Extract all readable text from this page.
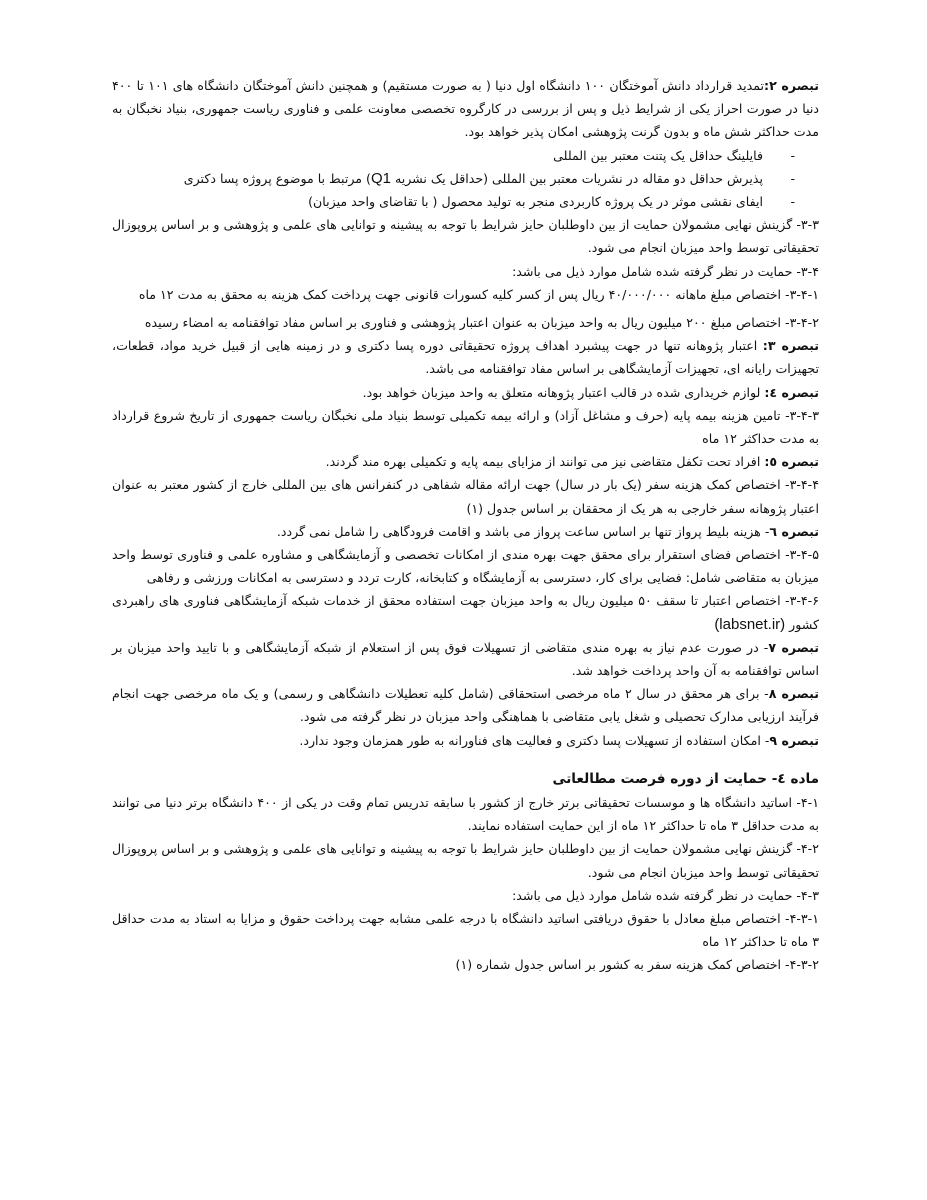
تبصره ۲:تمدید قرارداد دانش آموختگان ۱۰۰ دانشگاه اول دنیا ( به صورت مستقیم) و همچنین دانش آموختگان دانشگاه های ۱۰۱ تا ۴۰۰ دنیا در صورت احراز یکی از شرایط ذیل و پس از بررسی در کارگروه تخصصی معاونت علمی و فناوری ریاست جمهوری، بنیاد نخبگان به مدت حداکثر شش ماه و بدون گرنت پژوهشی امکان پذیر خواهد بود.

-
فایلینگ حداقل یک پتنت معتبر بین المللی

-
پذیرش حداقل دو مقاله در نشریات معتبر بین المللی (حداقل یک نشریه Q1) مرتبط با موضوع پروژه پسا دکتری

-
ایفای نقشی موثر در یک پروژه کاربردی منجر به تولید محصول ( با تقاضای واحد میزبان)

۳-۳- گزینش نهایی مشمولان حمایت از بین داوطلبان حایز شرایط با توجه به پیشینه و توانایی های علمی و پژوهشی و بر اساس پروپوزال تحقیقاتی توسط واحد میزبان انجام می شود.

۳-۴- حمایت در نظر گرفته شده شامل موارد ذیل می باشد:

۳-۴-۱- اختصاص مبلغ ماهانه ۴۰/۰۰۰/۰۰۰ ریال پس از کسر کلیه کسورات قانونی جهت پرداخت کمک هزینه به محقق به مدت ۱۲ ماه

۳-۴-۲- اختصاص مبلغ ۲۰۰ میلیون ریال به واحد میزبان به عنوان اعتبار پژوهشی و فناوری بر اساس مفاد توافقنامه به امضاء رسیده

تبصره ۳: اعتبار پژوهانه تنها در جهت پیشبرد اهداف پروژه تحقیقاتی دوره پسا دکتری و در زمینه هایی از قبیل خرید مواد، قطعات، تجهیزات رایانه ای، تجهیزات آزمایشگاهی بر اساس مفاد توافقنامه می باشد.

تبصره ٤: لوازم خریداری شده در قالب اعتبار پژوهانه متعلق به واحد میزبان خواهد بود.

۳-۴-۳- تامین هزینه بیمه پایه (حرف و مشاغل آزاد) و ارائه بیمه تکمیلی توسط بنیاد ملی نخبگان ریاست جمهوری از تاریخ شروع قرارداد به مدت حداکثر ۱۲ ماه

تبصره ٥: افراد تحت تکفل متقاضی نیز می توانند از مزایای بیمه پایه و تکمیلی بهره مند گردند.

۳-۴-۴- اختصاص کمک هزینه سفر (یک بار در سال) جهت ارائه مقاله شفاهی در کنفرانس های بین المللی خارج از کشور معتبر به عنوان اعتبار پژوهانه سفر خارجی به هر یک از محققان بر اساس جدول (۱)

تبصره ٦- هزینه بلیط پرواز تنها بر اساس ساعت پرواز می باشد و اقامت فرودگاهی را شامل نمی گردد.

۳-۴-۵- اختصاص فضای استقرار برای محقق جهت بهره مندی از امکانات تخصصی و آزمایشگاهی و مشاوره علمی و فناوری توسط واحد میزبان به متقاضی شامل: فضایی برای کار، دسترسی به آزمایشگاه و کتابخانه، کارت تردد و دسترسی به امکانات ورزشی و رفاهی

۳-۴-۶- اختصاص اعتبار تا سقف ۵۰ میلیون ریال به واحد میزبان جهت استفاده محقق از خدمات شبکه آزمایشگاهی فناوری های راهبردی کشور (labsnet.ir)

تبصره ۷- در صورت عدم نیاز به بهره مندی متقاضی از تسهیلات فوق پس از استعلام از شبکه آزمایشگاهی و با تایید واحد میزبان بر اساس توافقنامه به آن واحد پرداخت خواهد شد.

تبصره ۸- برای هر محقق در سال ۲ ماه مرخصی استحقاقی (شامل کلیه تعطیلات دانشگاهی و رسمی) و یک ماه مرخصی جهت انجام فرآیند ارزیابی مدارک تحصیلی و شغل یابی متقاضی با هماهنگی واحد میزبان در نظر گرفته می شود.

تبصره ۹- امکان استفاده از تسهیلات پسا دکتری و فعالیت های فناورانه به طور همزمان وجود ندارد.

ماده ٤- حمایت از دوره فرصت مطالعاتی

۴-۱- اساتید دانشگاه ها و موسسات تحقیقاتی برتر خارج از کشور با سابقه تدریس تمام وقت در یکی از ۴۰۰ دانشگاه برتر دنیا می توانند به مدت حداقل ۳ ماه تا حداکثر ۱۲ ماه از این حمایت استفاده نمایند.

۴-۲- گزینش نهایی مشمولان حمایت از بین داوطلبان حایز شرایط با توجه به پیشینه و توانایی های علمی و پژوهشی و بر اساس پروپوزال تحقیقاتی توسط واحد میزبان انجام می شود.

۴-۳- حمایت در نظر گرفته شده شامل موارد ذیل می باشد:

۴-۳-۱- اختصاص مبلغ معادل با حقوق دریافتی اساتید دانشگاه با درجه علمی مشابه جهت پرداخت حقوق و مزایا به استاد به مدت حداقل ۳ ماه تا حداکثر ۱۲ ماه

۴-۳-۲- اختصاص کمک هزینه سفر به کشور بر اساس جدول شماره (۱)
